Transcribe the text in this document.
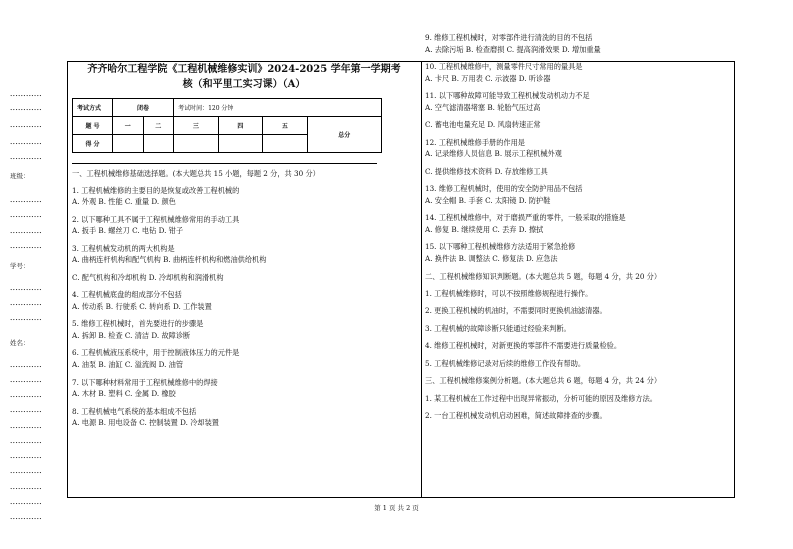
••••••••••••
••••••••••••
••••••••••••
••••••••••••
••••••••••••
班级：
••••••••••••
••••••••••••
••••••••••••
••••••••••••
学号：
••••••••••••
••••••••••••
••••••••••••
姓名：
••••••••••••
••••••••••••
••••••••••••
••••••••••••
••••••••••••
••••••••••••
••••••••••••
••••••••••••
••••••••••••
••••••••••••
••••••••••••
齐齐哈尔工程学院《工程机械维修实训》2024-2025 学年第一学期考
核（和平里工实习课）（A）
考试方式	闭卷		考试时间：120 分钟			
题 号	一	二	三	四	五	总分
得 分						

一、工程机械维修基础选择题。(本大题总共 15 小题，每题 2 分，共 30 分）

1. 工程机械维修的主要目的是恢复或改善工程机械的

A. 外观 B. 性能 C. 重量 D. 颜色

2. 以下哪种工具不属于工程机械维修常用的手动工具

A. 扳手 B. 螺丝刀 C. 电钻 D. 钳子

3. 工程机械发动机的两大机构是

A. 曲柄连杆机构和配气机构 B. 曲柄连杆机构和燃油供给机构

C. 配气机构和冷却机构 D. 冷却机构和润滑机构

4. 工程机械底盘的组成部分不包括

A. 传动系 B. 行驶系 C. 转向系 D. 工作装置

5. 维修工程机械时，首先要进行的步骤是

A. 拆卸 B. 检查 C. 清洁 D. 故障诊断

6. 工程机械液压系统中，用于控制液体压力的元件是

A. 油泵 B. 油缸 C. 溢流阀 D. 油管

7. 以下哪种材料常用于工程机械维修中的焊接

A. 木材 B. 塑料 C. 金属 D. 橡胶

8. 工程机械电气系统的基本组成不包括

A. 电源 B. 用电设备 C. 控制装置 D. 冷却装置

9. 维修工程机械时，对零部件进行清洗的目的不包括

A. 去除污垢 B. 检查磨损 C. 提高润滑效果 D. 增加重量

10. 工程机械维修中，测量零件尺寸常用的量具是

A. 卡尺 B. 万用表 C. 示波器 D. 听诊器

11. 以下哪种故障可能导致工程机械发动机动力不足

A. 空气滤清器堵塞 B. 轮胎气压过高

C. 蓄电池电量充足 D. 风扇转速正常

12. 工程机械维修手册的作用是

A. 记录维修人员信息 B. 展示工程机械外观

C. 提供维修技术资料 D. 存放维修工具

13. 维修工程机械时，使用的安全防护用品不包括

A. 安全帽 B. 手套 C. 太阳镜 D. 防护鞋

14. 工程机械维修中，对于磨损严重的零件，一般采取的措施是

A. 修复 B. 继续使用 C. 丢弃 D. 擦拭

15. 以下哪种工程机械维修方法适用于紧急抢修

A. 换件法 B. 调整法 C. 修复法 D. 应急法

二、工程机械维修知识判断题。(本大题总共 5 题，每题 4 分，共 20 分）

1. 工程机械维修时，可以不按照维修规程进行操作。

2. 更换工程机械的机油时，不需要同时更换机油滤清器。

3. 工程机械的故障诊断只能通过经验来判断。

4. 维修工程机械时，对新更换的零部件不需要进行质量检验。

5. 工程机械维修记录对后续的维修工作没有帮助。

三、工程机械维修案例分析题。(本大题总共 6 题，每题 4 分，共 24 分）

1. 某工程机械在工作过程中出现异常振动，分析可能的原因及维修方法。

2. 一台工程机械发动机启动困难，简述故障排查的步骤。

第 1 页 共 2 页
